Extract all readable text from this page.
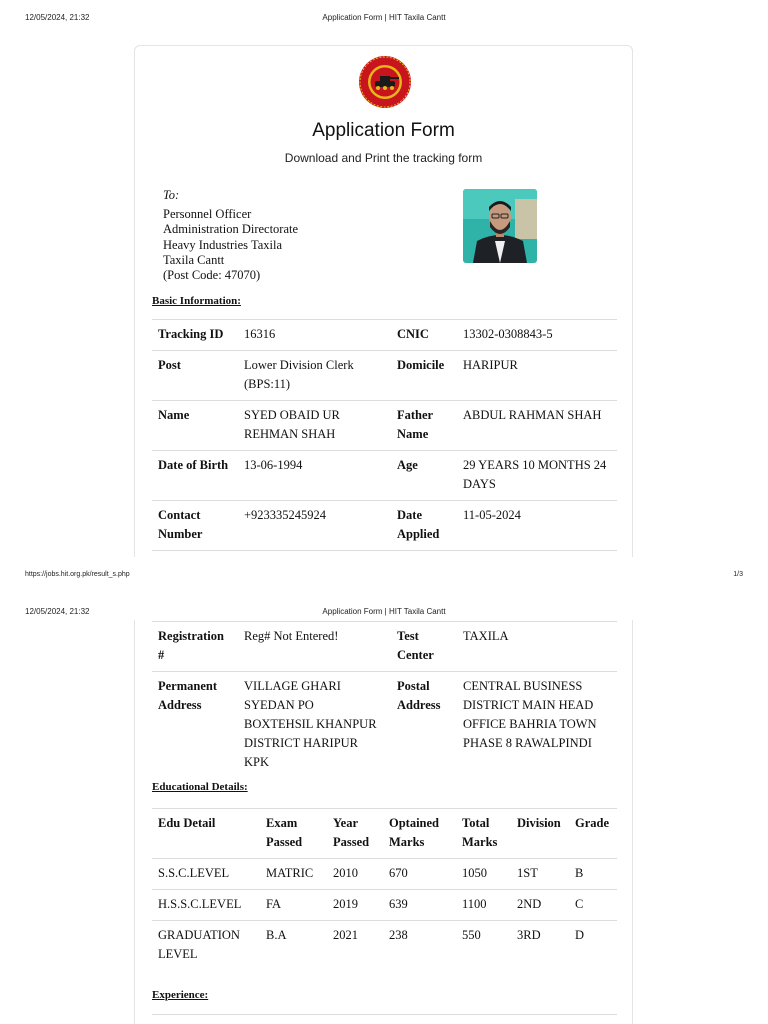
12/05/2024, 21:32	Application Form | HIT Taxila Cantt
Application Form
Download and Print the tracking form
To:
Personnel Officer
Administration Directorate
Heavy Industries Taxila
Taxila Cantt
(Post Code: 47070)
Basic Information:
Tracking ID	16316	CNIC	13302-0308843-5
Post	Lower Division Clerk (BPS:11)	Domicile	HARIPUR
Name	SYED OBAID UR REHMAN SHAH	Father Name	ABDUL RAHMAN SHAH
Date of Birth	13-06-1994	Age	29 YEARS 10 MONTHS 24 DAYS
Contact Number	+923335245924	Date Applied	11-05-2024
https://jobs.hit.org.pk/result_s.php	1/3
12/05/2024, 21:32	Application Form | HIT Taxila Cantt
Registration #	Reg# Not Entered!	Test Center	TAXILA
Permanent Address	VILLAGE GHARI SYEDAN PO BOXTEHSIL KHANPUR DISTRICT HARIPUR KPK	Postal Address	CENTRAL BUSINESS DISTRICT MAIN HEAD OFFICE BAHRIA TOWN PHASE 8 RAWALPINDI
Educational Details:
Edu Detail	Exam Passed	Year Passed	Optained Marks	Total Marks	Division	Grade
S.S.C.LEVEL	MATRIC	2010	670	1050	1ST	B
H.S.S.C.LEVEL	FA	2019	639	1100	2ND	C
GRADUATION LEVEL	B.A	2021	238	550	3RD	D
Experience:
